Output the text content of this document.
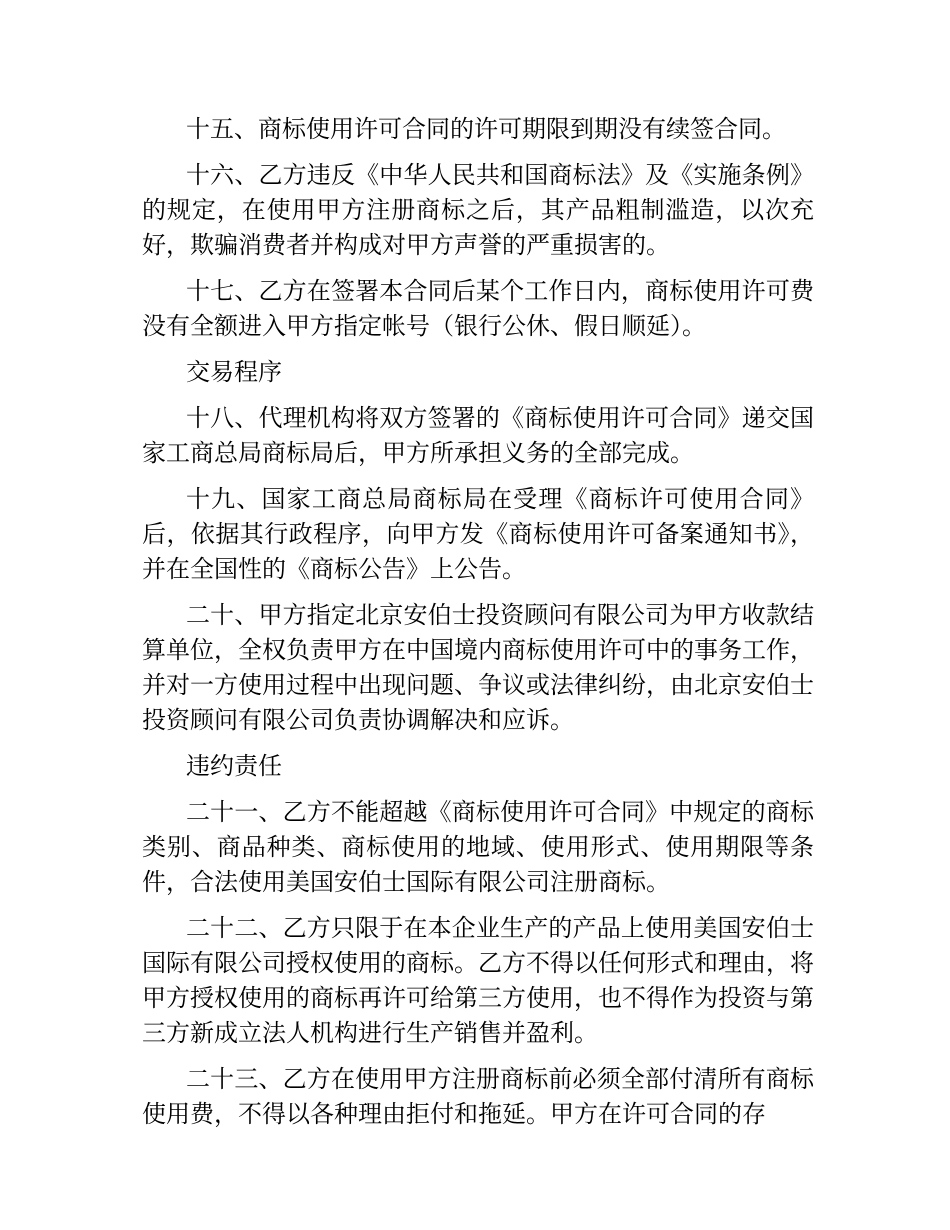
十五、商标使用许可合同的许可期限到期没有续签合同。

十六、乙方违反《中华人民共和国商标法》及《实施条例》的规定，在使用甲方注册商标之后，其产品粗制滥造，以次充好，欺骗消费者并构成对甲方声誉的严重损害的。

十七、乙方在签署本合同后某个工作日内，商标使用许可费没有全额进入甲方指定帐号（银行公休、假日顺延）。

交易程序

十八、代理机构将双方签署的《商标使用许可合同》递交国家工商总局商标局后，甲方所承担义务的全部完成。

十九、国家工商总局商标局在受理《商标许可使用合同》后，依据其行政程序，向甲方发《商标使用许可备案通知书》，并在全国性的《商标公告》上公告。

二十、甲方指定北京安伯士投资顾问有限公司为甲方收款结算单位，全权负责甲方在中国境内商标使用许可中的事务工作，并对一方使用过程中出现问题、争议或法律纠纷，由北京安伯士投资顾问有限公司负责协调解决和应诉。

违约责任

二十一、乙方不能超越《商标使用许可合同》中规定的商标类别、商品种类、商标使用的地域、使用形式、使用期限等条件，合法使用美国安伯士国际有限公司注册商标。

二十二、乙方只限于在本企业生产的产品上使用美国安伯士国际有限公司授权使用的商标。乙方不得以任何形式和理由，将甲方授权使用的商标再许可给第三方使用，也不得作为投资与第三方新成立法人机构进行生产销售并盈利。

二十三、乙方在使用甲方注册商标前必须全部付清所有商标使用费，不得以各种理由拒付和拖延。甲方在许可合同的存
